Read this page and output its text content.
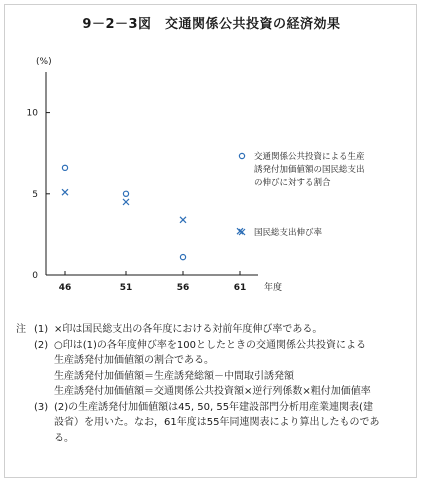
9－2－3図　交通関係公共投資の経済効果
(%)
0
5
10
46	51	56	61 年度
交通関係公共投資による生産
誘発付加価値額の国民総支出
の伸びに対する割合
国民総支出伸び率
注 (1) ×印は国民総支出の各年度における対前年度伸び率である。
(2) ○印は(1)の各年度伸び率を100としたときの交通関係公共投資による
生産誘発付加価値額の割合である。
生産誘発付加価値額＝生産誘発総額－中間取引誘発額
生産誘発付加価値額＝交通関係公共投資額×逆行列係数×粗付加価値率
(3) (2)の生産誘発付加価値額は45, 50, 55年建設部門分析用産業連関表(建
設省）を用いた。なお，61年度は55年同連関表により算出したものであ
る。
